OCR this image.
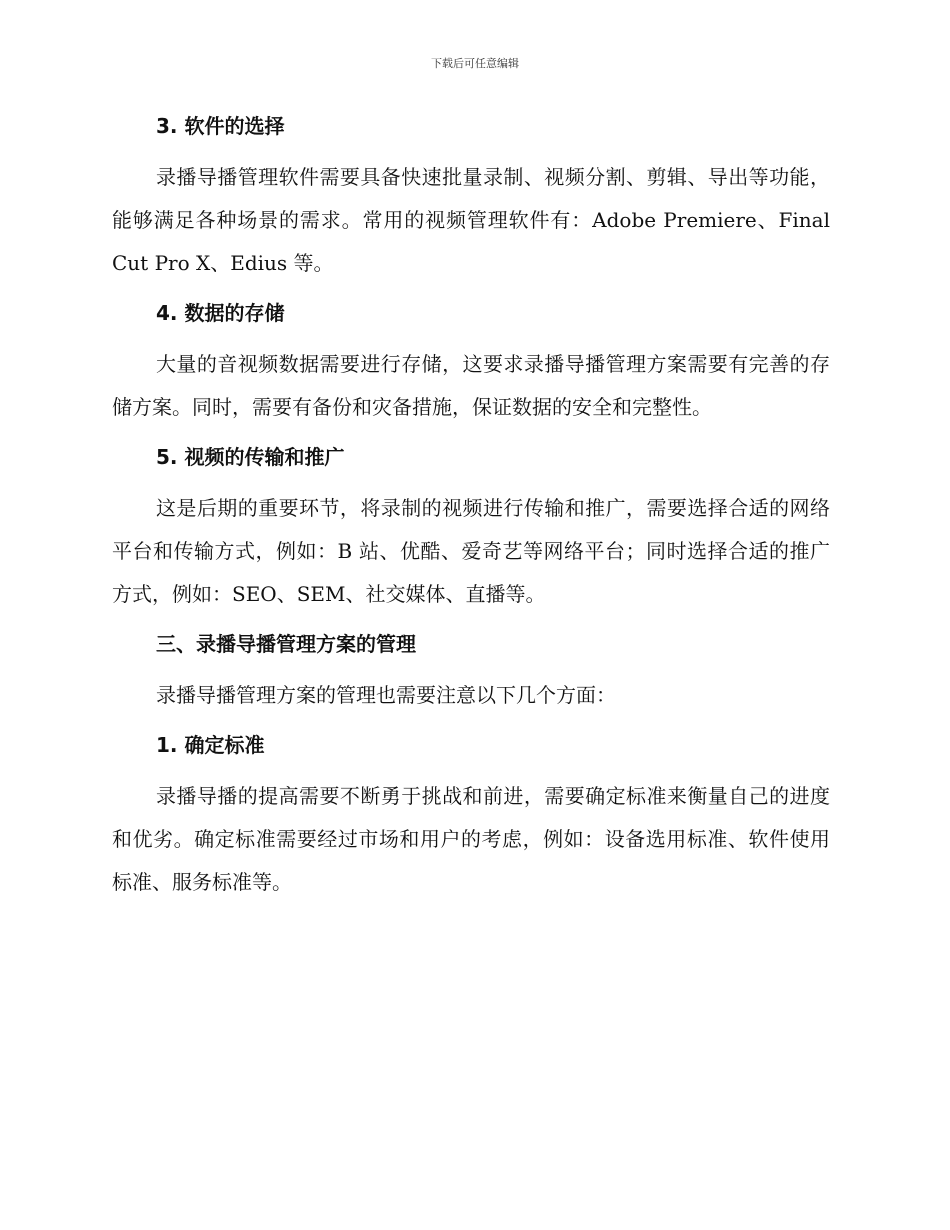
下载后可任意编辑
3. 软件的选择
录播导播管理软件需要具备快速批量录制、视频分割、剪辑、导出等功能，能够满足各种场景的需求。常用的视频管理软件有：Adobe Premiere、Final Cut Pro X、Edius 等。
4. 数据的存储
大量的音视频数据需要进行存储，这要求录播导播管理方案需要有完善的存储方案。同时，需要有备份和灾备措施，保证数据的安全和完整性。
5. 视频的传输和推广
这是后期的重要环节，将录制的视频进行传输和推广，需要选择合适的网络平台和传输方式，例如：B 站、优酷、爱奇艺等网络平台；同时选择合适的推广方式，例如：SEO、SEM、社交媒体、直播等。
三、录播导播管理方案的管理
录播导播管理方案的管理也需要注意以下几个方面：
1. 确定标准
录播导播的提高需要不断勇于挑战和前进，需要确定标准来衡量自己的进度和优劣。确定标准需要经过市场和用户的考虑，例如：设备选用标准、软件使用标准、服务标准等。
